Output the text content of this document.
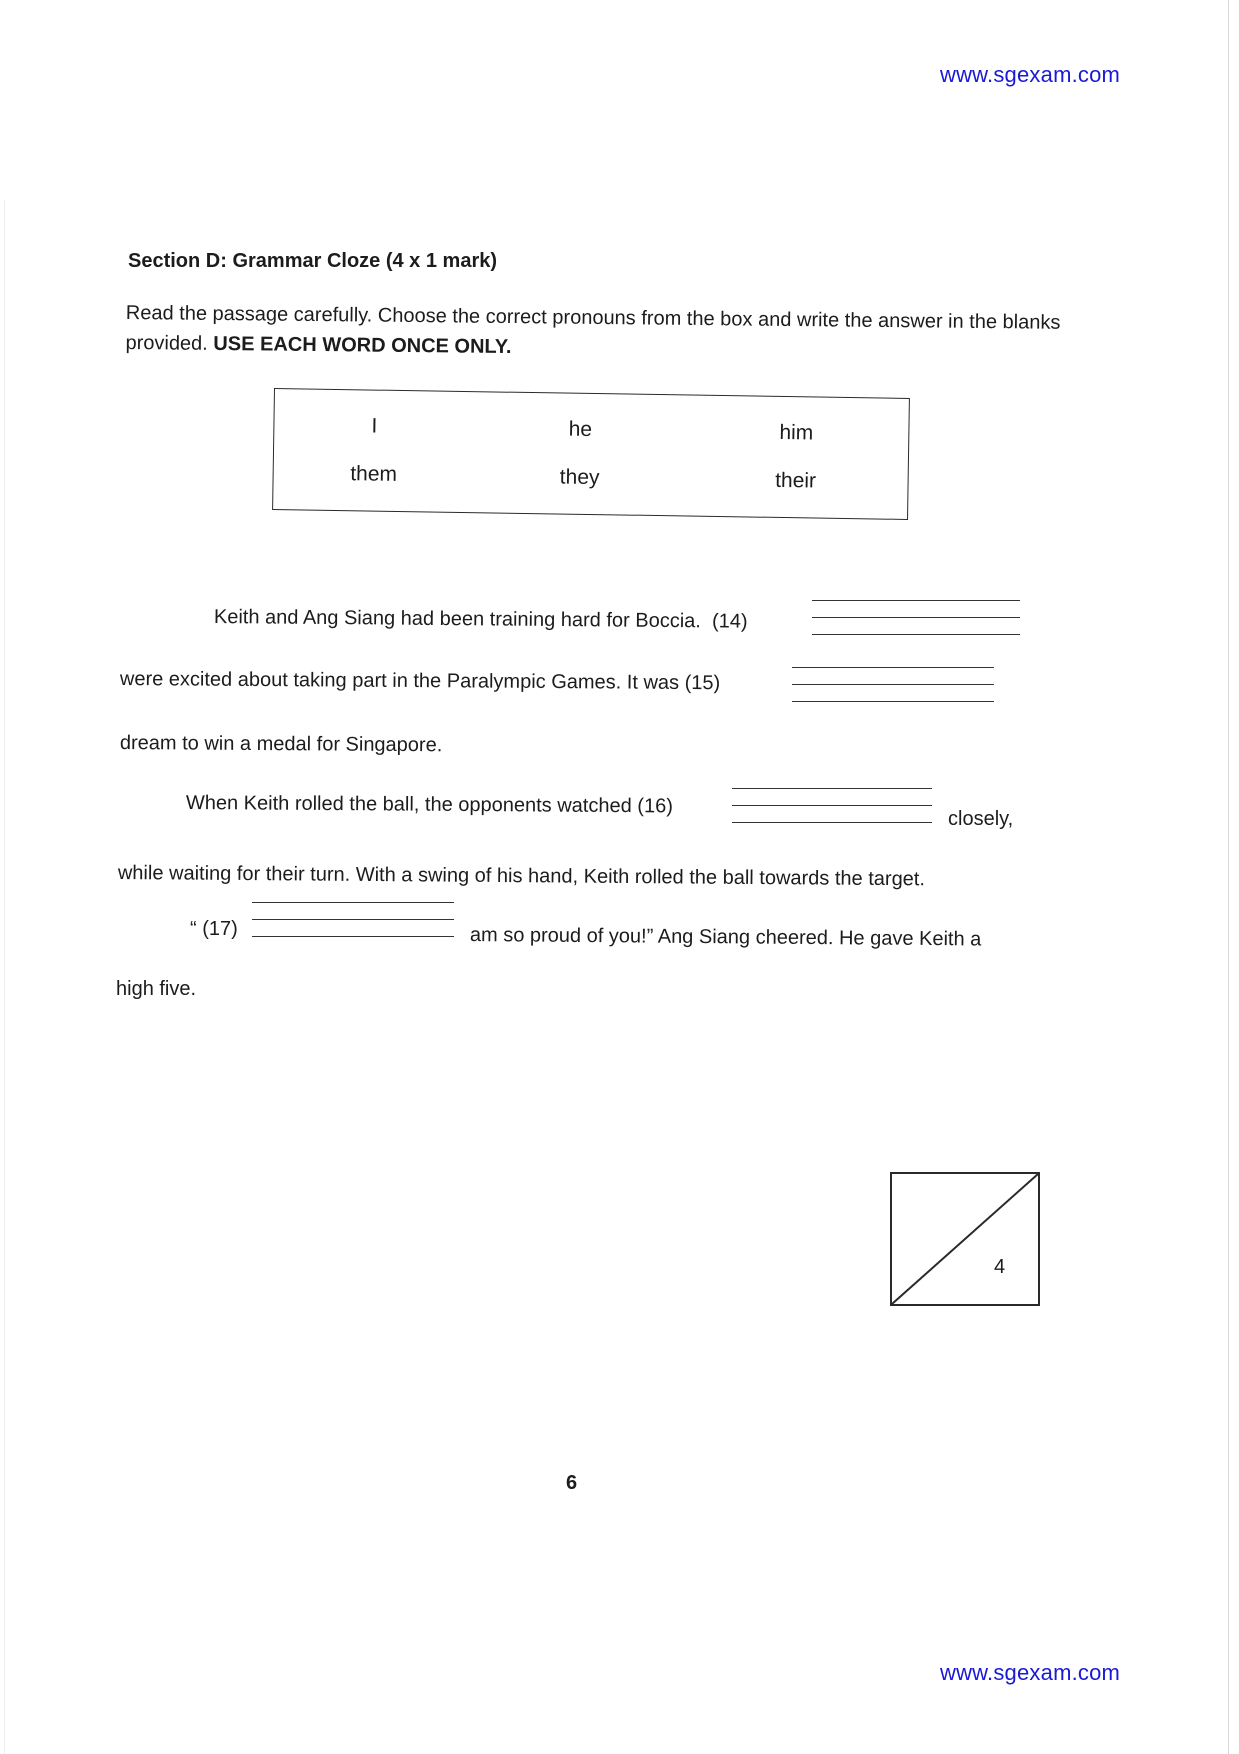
www.sgexam.com
Section D: Grammar Cloze (4 x 1 mark)
Read the passage carefully. Choose the correct pronouns from the box and write the answer in the blanks provided. USE EACH WORD ONCE ONLY.
I	he	him
them	they	their
Keith and Ang Siang had been training hard for Boccia. (14)
were excited about taking part in the Paralympic Games. It was (15)
dream to win a medal for Singapore.
When Keith rolled the ball, the opponents watched (16)
closely,
while waiting for their turn. With a swing of his hand, Keith rolled the ball towards the target.
“ (17)	am so proud of you!” Ang Siang cheered. He gave Keith a
high five.
4
6
www.sgexam.com
